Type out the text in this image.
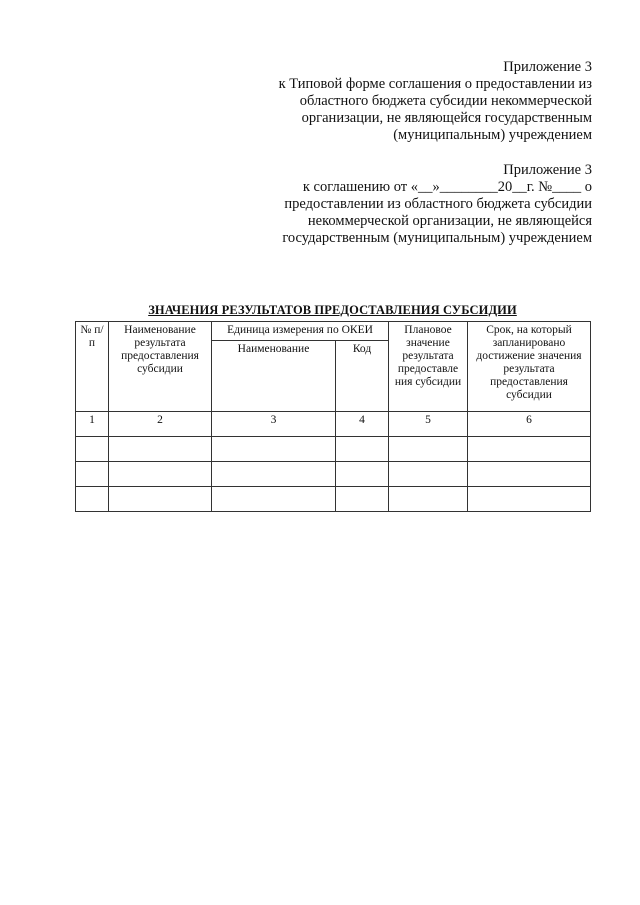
Приложение 3
к Типовой форме соглашения о предоставлении из
областного бюджета субсидии некоммерческой
организации, не являющейся государственным
(муниципальным) учреждением
Приложение 3
к соглашению от «__»________20__г. №____ о
предоставлении из областного бюджета субсидии
некоммерческой организации, не являющейся
государственным (муниципальным) учреждением
ЗНАЧЕНИЯ РЕЗУЛЬТАТОВ ПРЕДОСТАВЛЕНИЯ СУБСИДИИ
№ п/п	Наименование результата предоставления субсидии	Единица измерения по ОКЕИ		Плановое значение результата предоставле ния субсидии	Срок, на который запланировано достижение значения результата предоставления субсидии
		Наименование	Код		
1	2	3	4	5	6
